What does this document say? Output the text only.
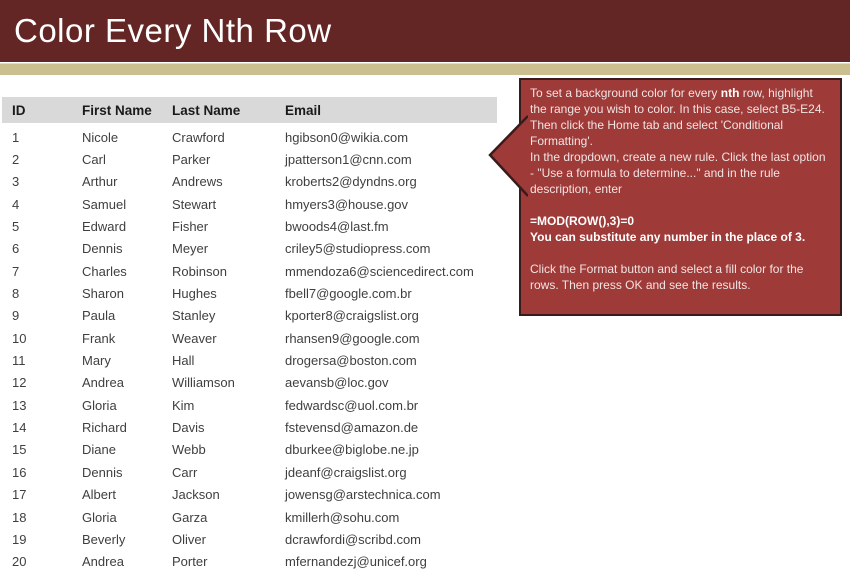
Color Every Nth Row
ID	First Name	Last Name	Email
1	Nicole	Crawford	hgibson0@wikia.com
2	Carl	Parker	jpatterson1@cnn.com
3	Arthur	Andrews	kroberts2@dyndns.org
4	Samuel	Stewart	hmyers3@house.gov
5	Edward	Fisher	bwoods4@last.fm
6	Dennis	Meyer	criley5@studiopress.com
7	Charles	Robinson	mmendoza6@sciencedirect.com
8	Sharon	Hughes	fbell7@google.com.br
9	Paula	Stanley	kporter8@craigslist.org
10	Frank	Weaver	rhansen9@google.com
11	Mary	Hall	drogersa@boston.com
12	Andrea	Williamson	aevansb@loc.gov
13	Gloria	Kim	fedwardsc@uol.com.br
14	Richard	Davis	fstevensd@amazon.de
15	Diane	Webb	dburkee@biglobe.ne.jp
16	Dennis	Carr	jdeanf@craigslist.org
17	Albert	Jackson	jowensg@arstechnica.com
18	Gloria	Garza	kmillerh@sohu.com
19	Beverly	Oliver	dcrawfordi@scribd.com
20	Andrea	Porter	mfernandezj@unicef.org

To set a background color for every nth row, highlight the range you wish to color. In this case, select B5-E24. Then click the Home tab and select 'Conditional Formatting'.

In the dropdown, create a new rule. Click the last option - "Use a formula to determine..." and in the rule description, enter

=MOD(ROW(),3)=0

You can substitute any number in the place of 3.

Click the Format button and select a fill color for the rows. Then press OK and see the results.
